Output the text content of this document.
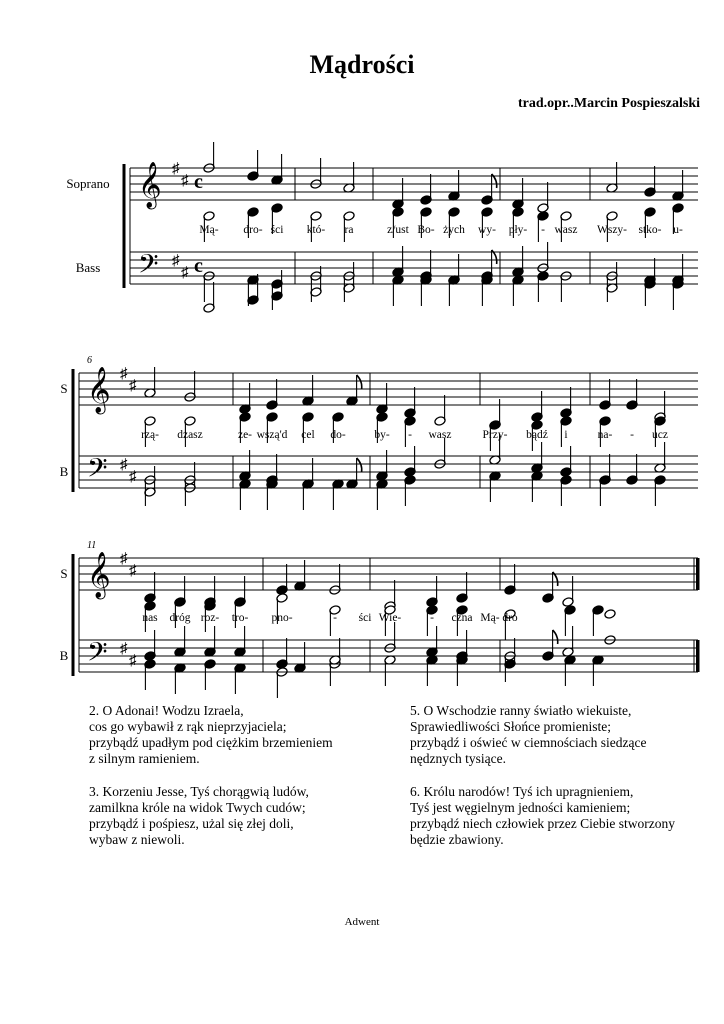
Mądrości
trad.opr..Marcin Pospieszalski
Soprano
Bass
𝄞
𝄢
♯
♯
♯
♯
c
c
Mą- dro- ści któ- ra	z/ust Bo- żych wy- pły- - wasz Wszy- stko- u-
S
B
6
𝄞
𝄢
♯
♯
♯
♯
rzą- dzasz	ze- wszą'd cel do- by- - wasz	Przy- bądź i	na- - ucz
S
B
11
𝄞
𝄢
♯
♯
♯
♯
nas dróg roz- tro- pno-	- ści Wie-	- czna Mą- dro

2. O Adonai! Wodzu Izraela,
cos go wybawił z rąk nieprzyjaciela;
przybądź upadłym pod ciężkim brzemieniem
z silnym ramieniem.

3. Korzeniu Jesse, Tyś chorągwią ludów,
zamilkna króle na widok Twych cudów;
przybądź i pośpiesz, użal się złej doli,
wybaw z niewoli.

5. O Wschodzie ranny światło wiekuiste,
Sprawiedliwości Słońce promieniste;
przybądź i oświeć w ciemnościach siedzące
nędznych tysiące.

6. Królu narodów! Tyś ich upragnieniem,
Tyś jest węgielnym jedności kamieniem;
przybądź niech człowiek przez Ciebie stworzony
będzie zbawiony.

Adwent
